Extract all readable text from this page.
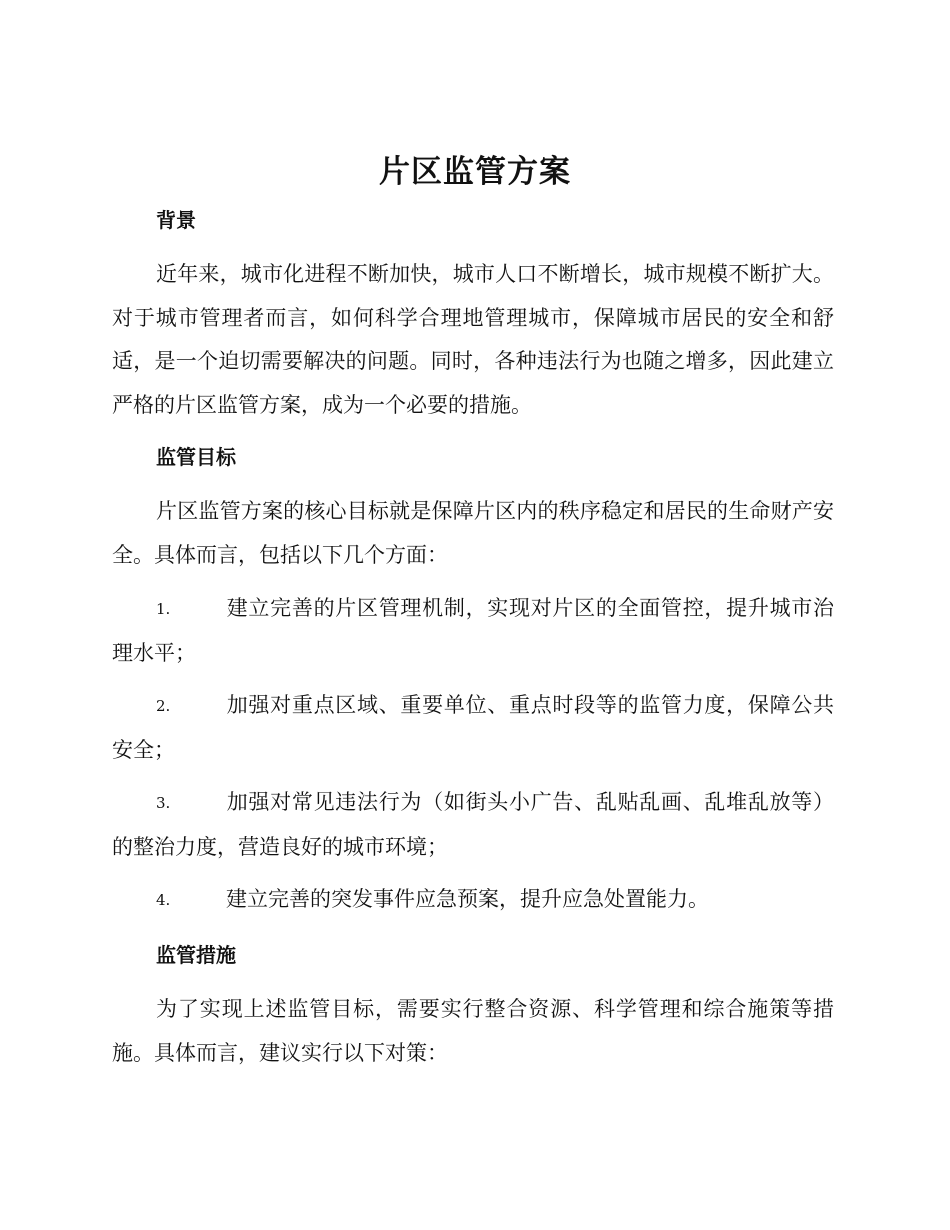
片区监管方案
背景
近年来，城市化进程不断加快，城市人口不断增长，城市规模不断扩大。对于城市管理者而言，如何科学合理地管理城市，保障城市居民的安全和舒适，是一个迫切需要解决的问题。同时，各种违法行为也随之增多，因此建立严格的片区监管方案，成为一个必要的措施。
监管目标
片区监管方案的核心目标就是保障片区内的秩序稳定和居民的生命财产安全。具体而言，包括以下几个方面：
1.	建立完善的片区管理机制，实现对片区的全面管控，提升城市治理水平；
2.	加强对重点区域、重要单位、重点时段等的监管力度，保障公共安全；
3.	加强对常见违法行为（如街头小广告、乱贴乱画、乱堆乱放等）的整治力度，营造良好的城市环境；
4.	建立完善的突发事件应急预案，提升应急处置能力。
监管措施
为了实现上述监管目标，需要实行整合资源、科学管理和综合施策等措施。具体而言，建议实行以下对策：
